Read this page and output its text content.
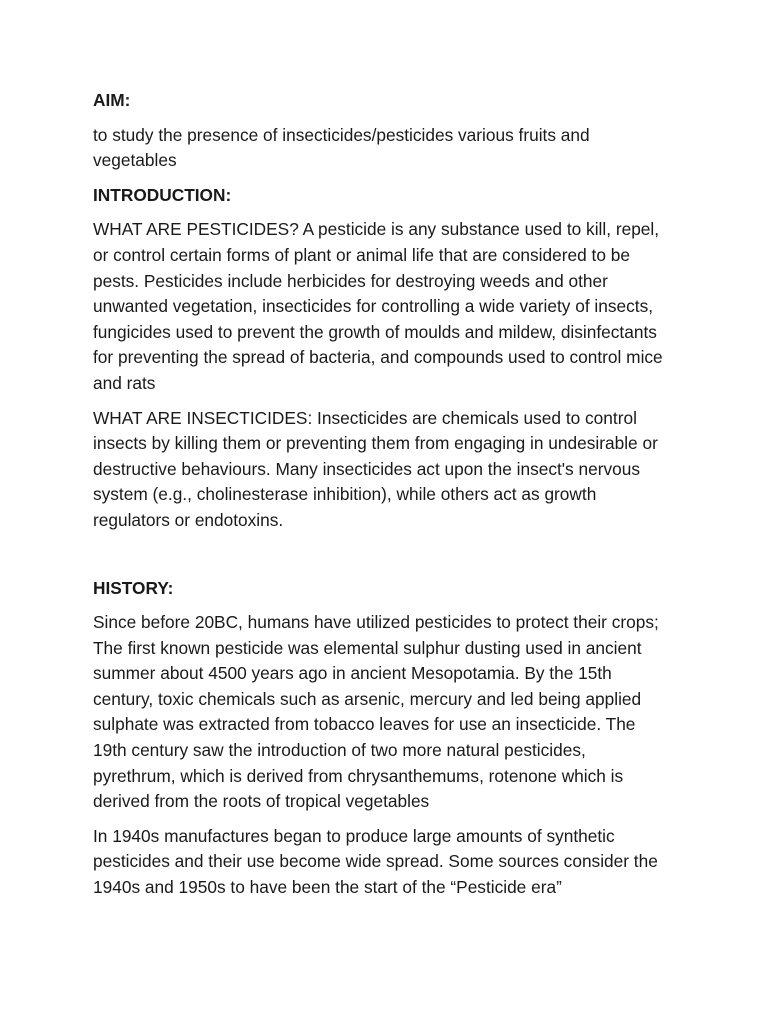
AIM:
to study the presence of insecticides/pesticides various fruits and vegetables
INTRODUCTION:
WHAT ARE PESTICIDES? A pesticide is any substance used to kill, repel, or control certain forms of plant or animal life that are considered to be pests. Pesticides include herbicides for destroying weeds and other unwanted vegetation, insecticides for controlling a wide variety of insects, fungicides used to prevent the growth of moulds and mildew, disinfectants for preventing the spread of bacteria, and compounds used to control mice and rats
WHAT ARE INSECTICIDES: Insecticides are chemicals used to control insects by killing them or preventing them from engaging in undesirable or destructive behaviours. Many insecticides act upon the insect's nervous system (e.g., cholinesterase inhibition), while others act as growth regulators or endotoxins.
HISTORY:
Since before 20BC, humans have utilized pesticides to protect their crops; The first known pesticide was elemental sulphur dusting used in ancient summer about 4500 years ago in ancient Mesopotamia. By the 15th century, toxic chemicals such as arsenic, mercury and led being applied sulphate was extracted from tobacco leaves for use an insecticide. The 19th century saw the introduction of two more natural pesticides, pyrethrum, which is derived from chrysanthemums, rotenone which is derived from the roots of tropical vegetables
In 1940s manufactures began to produce large amounts of synthetic pesticides and their use become wide spread. Some sources consider the 1940s and 1950s to have been the start of the “Pesticide era”
